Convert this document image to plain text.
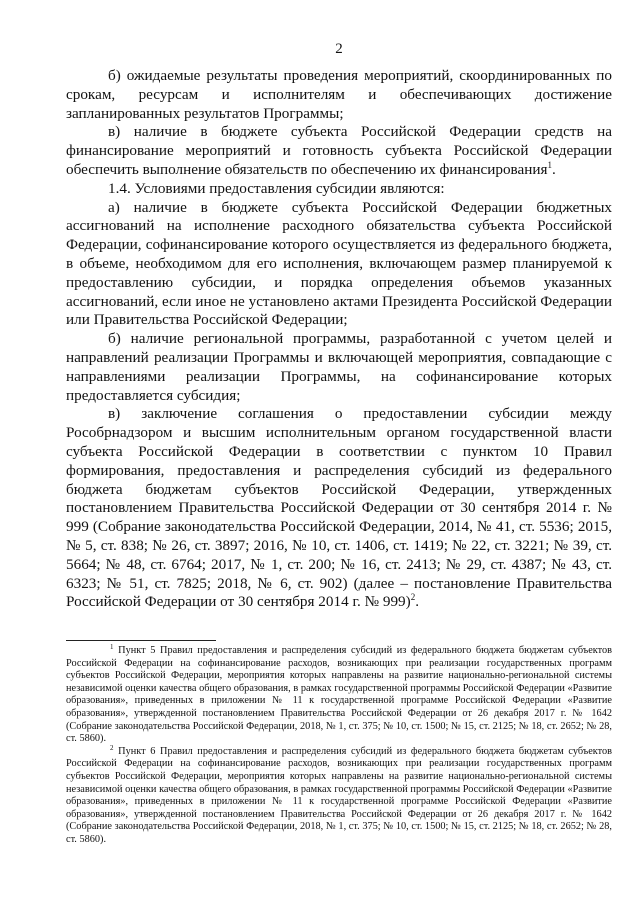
2

б) ожидаемые результаты проведения мероприятий, скоординированных по срокам, ресурсам и исполнителям и обеспечивающих достижение запланированных результатов Программы;

в) наличие в бюджете субъекта Российской Федерации средств на финансирование мероприятий и готовность субъекта Российской Федерации обеспечить выполнение обязательств по обеспечению их финансирования$^1$.

1.4. Условиями предоставления субсидии являются:

а) наличие в бюджете субъекта Российской Федерации бюджетных ассигнований на исполнение расходного обязательства субъекта Российской Федерации, софинансирование которого осуществляется из федерального бюджета, в объеме, необходимом для его исполнения, включающем размер планируемой к предоставлению субсидии, и порядка определения объемов указанных ассигнований, если иное не установлено актами Президента Российской Федерации или Правительства Российской Федерации;

б) наличие региональной программы, разработанной с учетом целей и направлений реализации Программы и включающей мероприятия, совпадающие с направлениями реализации Программы, на софинансирование которых предоставляется субсидия;

в) заключение соглашения о предоставлении субсидии между Рособрнадзором и высшим исполнительным органом государственной власти субъекта Российской Федерации в соответствии с пунктом 10 Правил формирования, предоставления и распределения субсидий из федерального бюджета бюджетам субъектов Российской Федерации, утвержденных постановлением Правительства Российской Федерации от 30 сентября 2014 г. № 999 (Собрание законодательства Российской Федерации, 2014, № 41, ст. 5536; 2015, № 5, ст. 838; № 26, ст. 3897; 2016, № 10, ст. 1406, ст. 1419; № 22, ст. 3221; № 39, ст. 5664; № 48, ст. 6764; 2017, № 1, ст. 200; № 16, ст. 2413; № 29, ст. 4387; № 43, ст. 6323; № 51, ст. 7825; 2018, № 6, ст. 902) (далее – постановление Правительства Российской Федерации от 30 сентября 2014 г. № 999)$^2$.

$^1$ Пункт 5 Правил предоставления и распределения субсидий из федерального бюджета бюджетам субъектов Российской Федерации на софинансирование расходов, возникающих при реализации государственных программ субъектов Российской Федерации, мероприятия которых направлены на развитие национально-региональной системы независимой оценки качества общего образования, в рамках государственной программы Российской Федерации «Развитие образования», приведенных в приложении № 11 к государственной программе Российской Федерации «Развитие образования», утвержденной постановлением Правительства Российской Федерации от 26 декабря 2017 г. № 1642 (Собрание законодательства Российской Федерации, 2018, № 1, ст. 375; № 10, ст. 1500; № 15, ст. 2125; № 18, ст. 2652; № 28, ст. 5860).

$^2$ Пункт 6 Правил предоставления и распределения субсидий из федерального бюджета бюджетам субъектов Российской Федерации на софинансирование расходов, возникающих при реализации государственных программ субъектов Российской Федерации, мероприятия которых направлены на развитие национально-региональной системы независимой оценки качества общего образования, в рамках государственной программы Российской Федерации «Развитие образования», приведенных в приложении № 11 к государственной программе Российской Федерации «Развитие образования», утвержденной постановлением Правительства Российской Федерации от 26 декабря 2017 г. № 1642 (Собрание законодательства Российской Федерации, 2018, № 1, ст. 375; № 10, ст. 1500; № 15, ст. 2125; № 18, ст. 2652; № 28, ст. 5860).
